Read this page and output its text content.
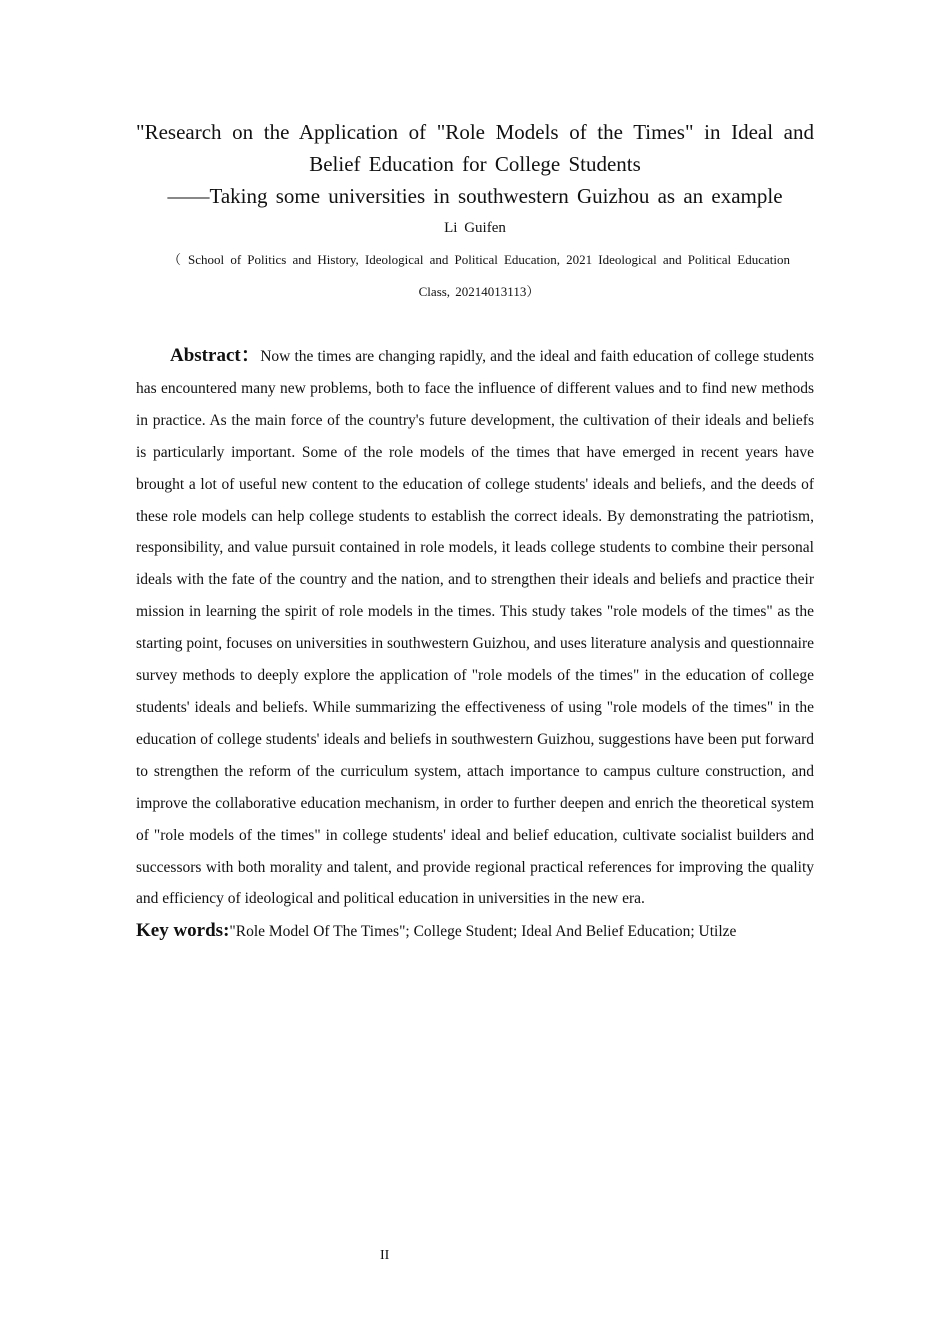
"Research on the Application of "Role Models of the Times" in Ideal and Belief Education for College Students
——Taking some universities in southwestern Guizhou as an example

Li Guifen

（ School of Politics and History, Ideological and Political Education, 2021 Ideological and Political Education Class, 20214013113）

Abstract：Now the times are changing rapidly, and the ideal and faith education of college students has encountered many new problems, both to face the influence of different values and to find new methods in practice. As the main force of the country's future development, the cultivation of their ideals and beliefs is particularly important. Some of the role models of the times that have emerged in recent years have brought a lot of useful new content to the education of college students' ideals and beliefs, and the deeds of these role models can help college students to establish the correct ideals. By demonstrating the patriotism, responsibility, and value pursuit contained in role models, it leads college students to combine their personal ideals with the fate of the country and the nation, and to strengthen their ideals and beliefs and practice their mission in learning the spirit of role models in the times. This study takes "role models of the times" as the starting point, focuses on universities in southwestern Guizhou, and uses literature analysis and questionnaire survey methods to deeply explore the application of "role models of the times" in the education of college students' ideals and beliefs. While summarizing the effectiveness of using "role models of the times" in the education of college students' ideals and beliefs in southwestern Guizhou, suggestions have been put forward to strengthen the reform of the curriculum system, attach importance to campus culture construction, and improve the collaborative education mechanism, in order to further deepen and enrich the theoretical system of "role models of the times" in college students' ideal and belief education, cultivate socialist builders and successors with both morality and talent, and provide regional practical references for improving the quality and efficiency of ideological and political education in universities in the new era.

Key words:"Role Model Of The Times"; College Student; Ideal And Belief Education; Utilze

II
